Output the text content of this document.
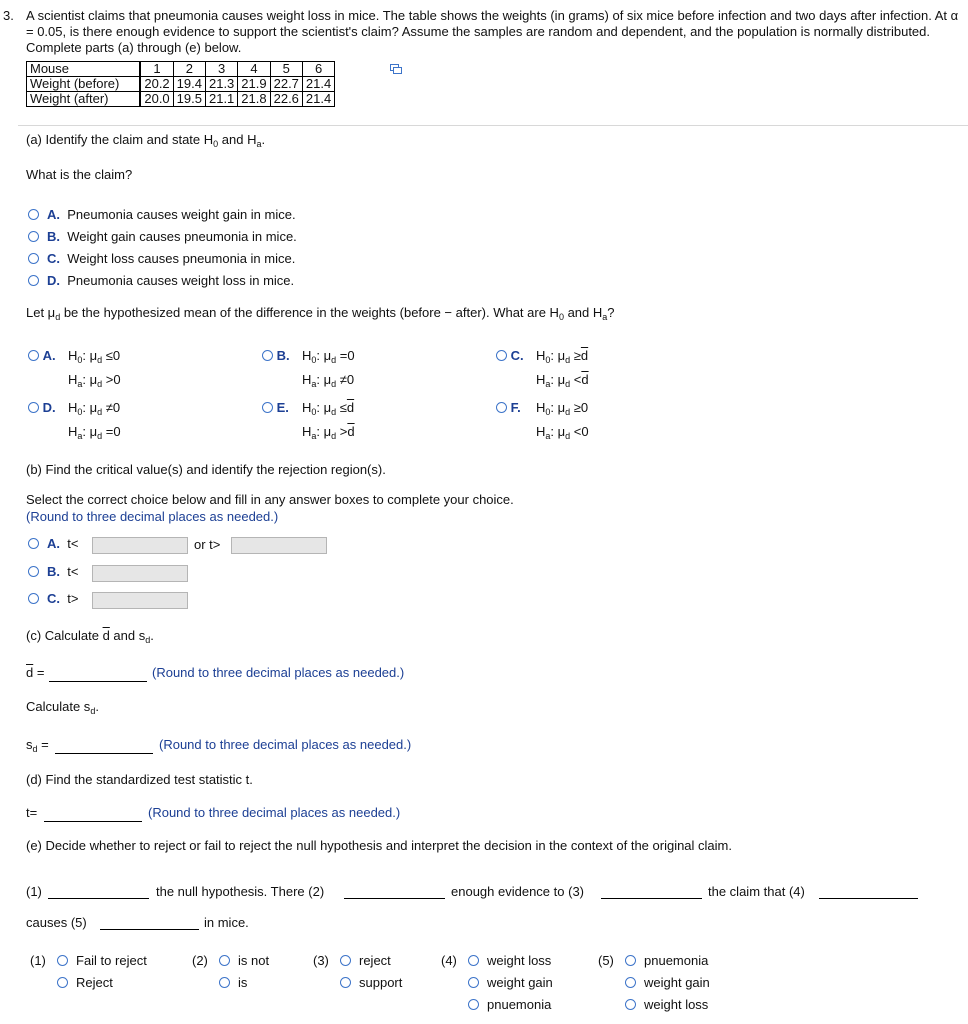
3. A scientist claims that pneumonia causes weight loss in mice. The table shows the weights (in grams) of six mice before infection and two days after infection. At α = 0.05, is there enough evidence to support the scientist's claim? Assume the samples are random and dependent, and the population is normally distributed. Complete parts (a) through (e) below.
Mouse	1	2	3	4	5	6
Weight (before)	20.2	19.4	21.3	21.9	22.7	21.4
Weight (after)	20.0	19.5	21.1	21.8	22.6	21.4
(a) Identify the claim and state $H_0$ and $H_a$.
What is the claim?
A. Pneumonia causes weight gain in mice.
B. Weight gain causes pneumonia in mice.
C. Weight loss causes pneumonia in mice.
D. Pneumonia causes weight loss in mice.
Let $\mu_d$ be the hypothesized mean of the difference in the weights (before − after). What are $H_0$ and $H_a$?
A. $H_0$: $\mu_d \le 0$
$H_a$: $\mu_d >0$
B. $H_0$: $\mu_d =0$
$H_a$: $\mu_d \ne 0$
C. $H_0$: $\mu_d \ge\overline{d}$
$H_a$: $\mu_d <\overline{d}$
D. $H_0$: $\mu_d \ne 0$
$H_a$: $\mu_d =0$
E. $H_0$: $\mu_d \le\overline{d}$
$H_a$: $\mu_d >\overline{d}$
F. $H_0$: $\mu_d \ge 0$
$H_a$: $\mu_d <0$
(b) Find the critical value(s) and identify the rejection region(s).
Select the correct choice below and fill in any answer boxes to complete your choice.
(Round to three decimal places as needed.)
A. t<	or t>
B. t<
C. t>
(c) Calculate $\overline{d}$ and $s_d$.
$\overline{d}$ =	(Round to three decimal places as needed.)
Calculate $s_d$.
$s_d$ =	(Round to three decimal places as needed.)
(d) Find the standardized test statistic t.
t=	(Round to three decimal places as needed.)
(e) Decide whether to reject or fail to reject the null hypothesis and interpret the decision in the context of the original claim.
(1)	the null hypothesis. There (2)	enough evidence to (3)	the claim that (4)
causes (5)	in mice.
(1)	Fail to reject
Reject
(2)	is not
is
(3)	reject
support
(4)	weight loss
weight gain
pnuemonia
(5)	pnuemonia
weight gain
weight loss
